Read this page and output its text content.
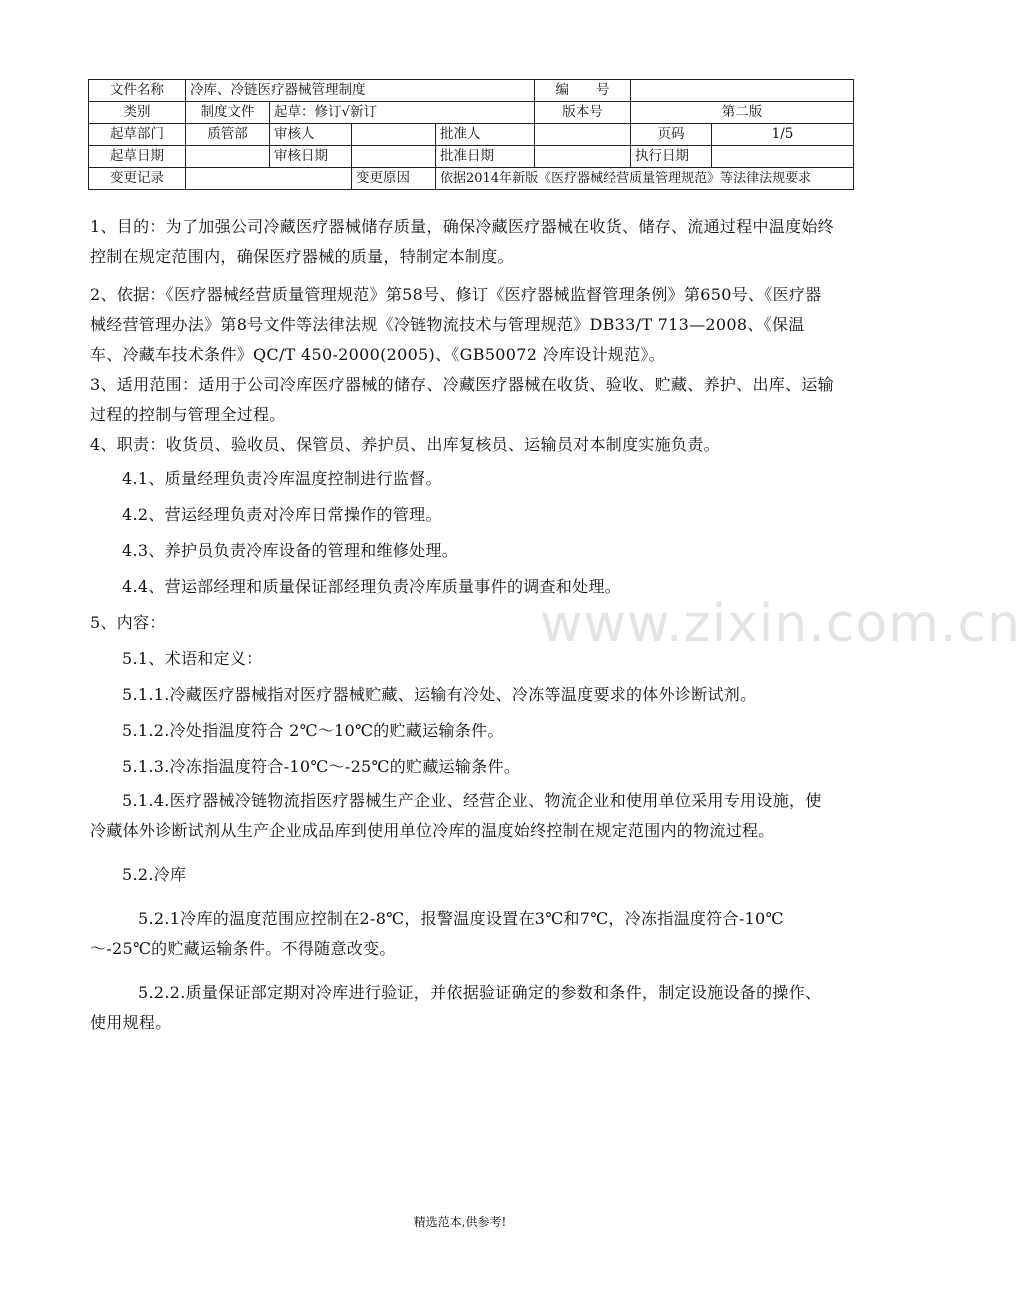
文件名称	冷库、冷链医疗器械管理制度				编　　号		
类别	制度文件	起草：修订√新订			版本号	第二版	
起草部门	质管部	审核人		批准人		页码	1/5
起草日期		审核日期		批准日期		执行日期	
变更记录			变更原因	依据2014年新版《医疗器械经营质量管理规范》等法律法规要求			

1、目的：为了加强公司冷藏医疗器械储存质量，确保冷藏医疗器械在收货、储存、流通过程中温度始终控制在规定范围内，确保医疗器械的质量，特制定本制度。

2、依据：《医疗器械经营质量管理规范》第58号、修订《医疗器械监督管理条例》第650号、《医疗器械经营管理办法》第8号文件等法律法规《冷链物流技术与管理规范》DB33/T 713—2008、《保温车、冷藏车技术条件》QC/T 450-2000(2005)、《GB50072 冷库设计规范》。

3、适用范围：适用于公司冷库医疗器械的储存、冷藏医疗器械在收货、验收、贮藏、养护、出库、运输过程的控制与管理全过程。

4、职责：收货员、验收员、保管员、养护员、出库复核员、运输员对本制度实施负责。

4.1、质量经理负责冷库温度控制进行监督。

4.2、营运经理负责对冷库日常操作的管理。

4.3、养护员负责冷库设备的管理和维修处理。

4.4、营运部经理和质量保证部经理负责冷库质量事件的调查和处理。

5、内容：

5.1、术语和定义：

5.1.1.冷藏医疗器械指对医疗器械贮藏、运输有冷处、冷冻等温度要求的体外诊断试剂。

5.1.2.冷处指温度符合 2℃～10℃的贮藏运输条件。

5.1.3.冷冻指温度符合-10℃～-25℃的贮藏运输条件。

5.1.4.医疗器械冷链物流指医疗器械生产企业、经营企业、物流企业和使用单位采用专用设施，使冷藏体外诊断试剂从生产企业成品库到使用单位冷库的温度始终控制在规定范围内的物流过程。

5.2.冷库

5.2.1冷库的温度范围应控制在2-8℃，报警温度设置在3℃和7℃，冷冻指温度符合-10℃～-25℃的贮藏运输条件。不得随意改变。

5.2.2.质量保证部定期对冷库进行验证，并依据验证确定的参数和条件，制定设施设备的操作、使用规程。

www.zixin.com.cn
精选范本,供参考!
